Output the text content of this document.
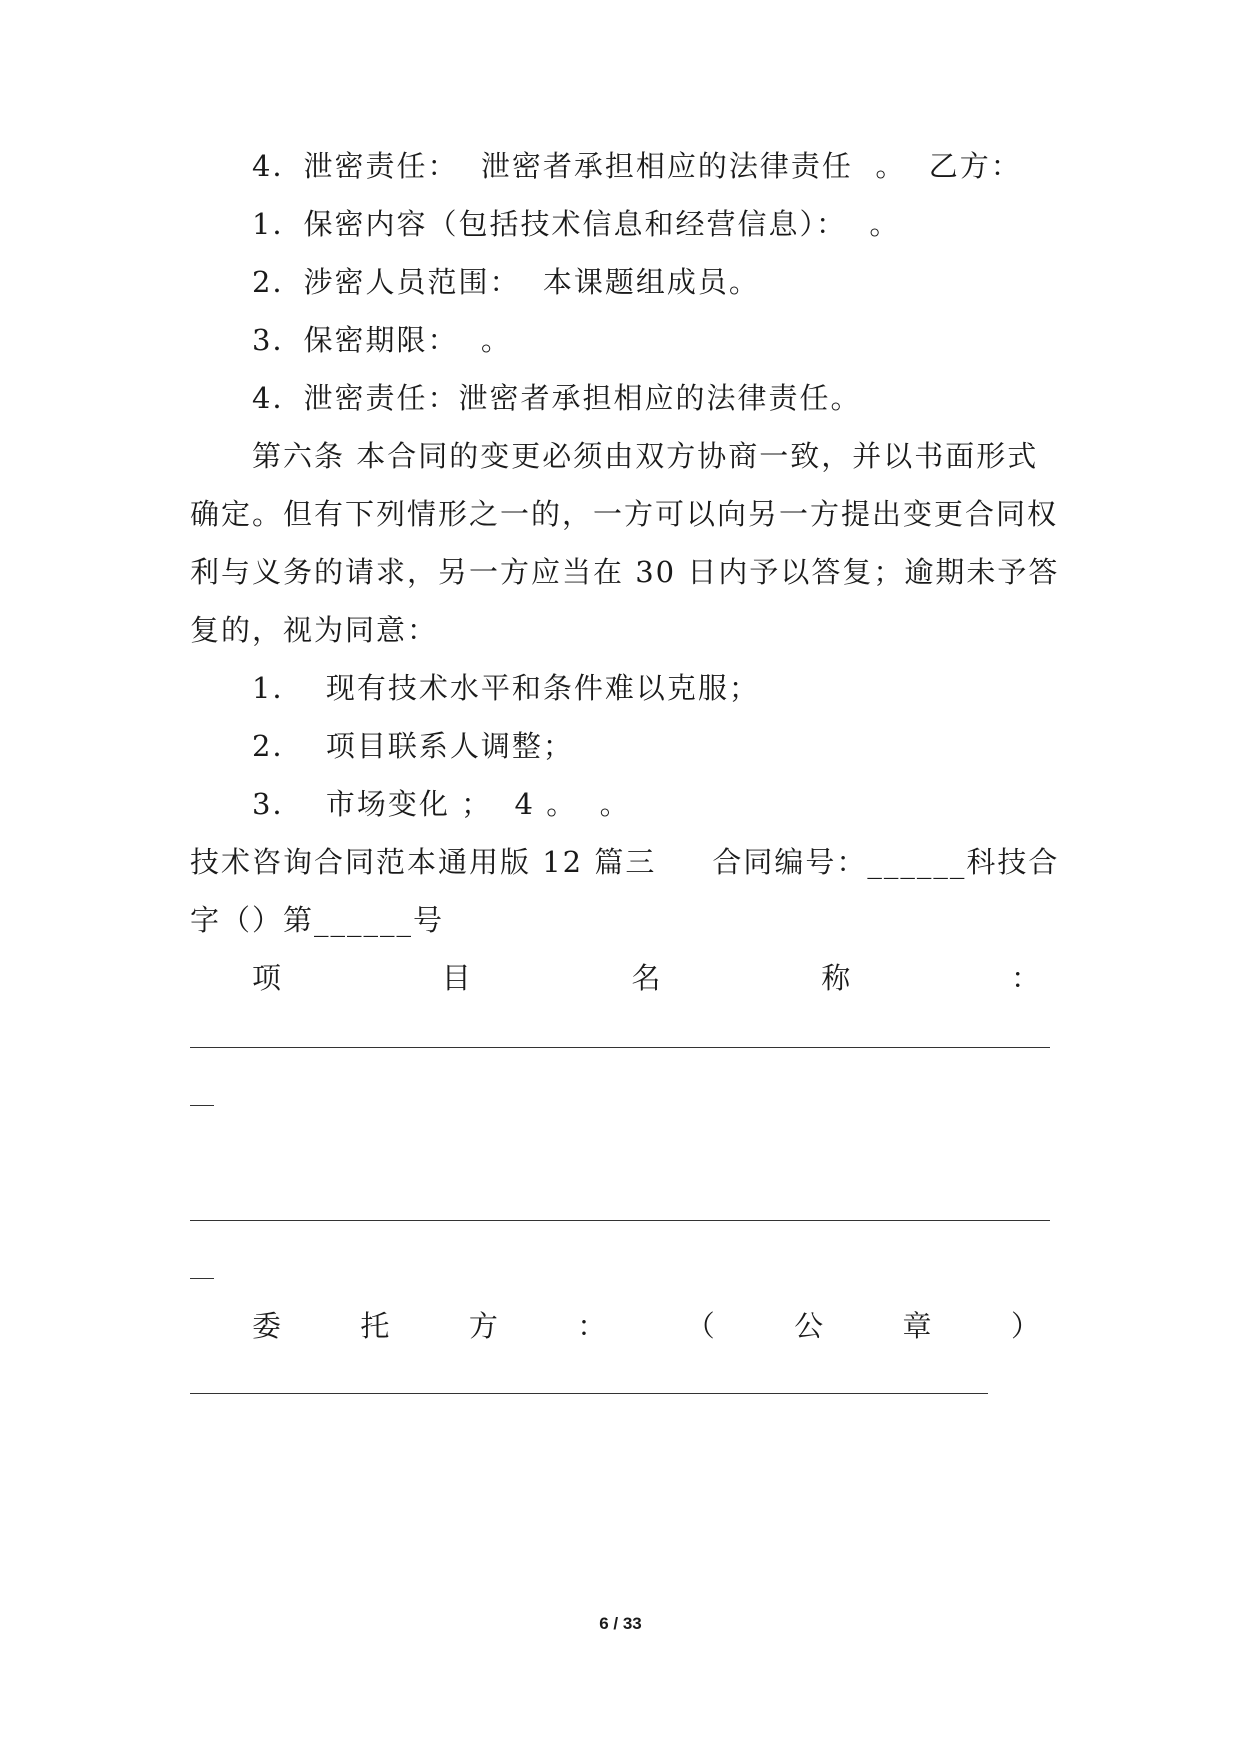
4．泄密责任：  泄密者承担相应的法律责任  。  乙方：
1．保密内容（包括技术信息和经营信息）：  。
2．涉密人员范围：  本课题组成员。
3．保密期限：  。
4．泄密责任：泄密者承担相应的法律责任。
第六条 本合同的变更必须由双方协商一致，并以书面形式
确定。但有下列情形之一的，一方可以向另一方提出变更合同权
利与义务的请求，另一方应当在 30 日内予以答复；逾期未予答
复的，视为同意：
1．  现有技术水平和条件难以克服；
2．  项目联系人调整；
3．  市场变化 ；  4 。  。
技术咨询合同范本通用版 12 篇三     合同编号：______科技合
字（）第______号
项	目	名	称	：
委	托	方	：	（	公	章	）
6 / 33
